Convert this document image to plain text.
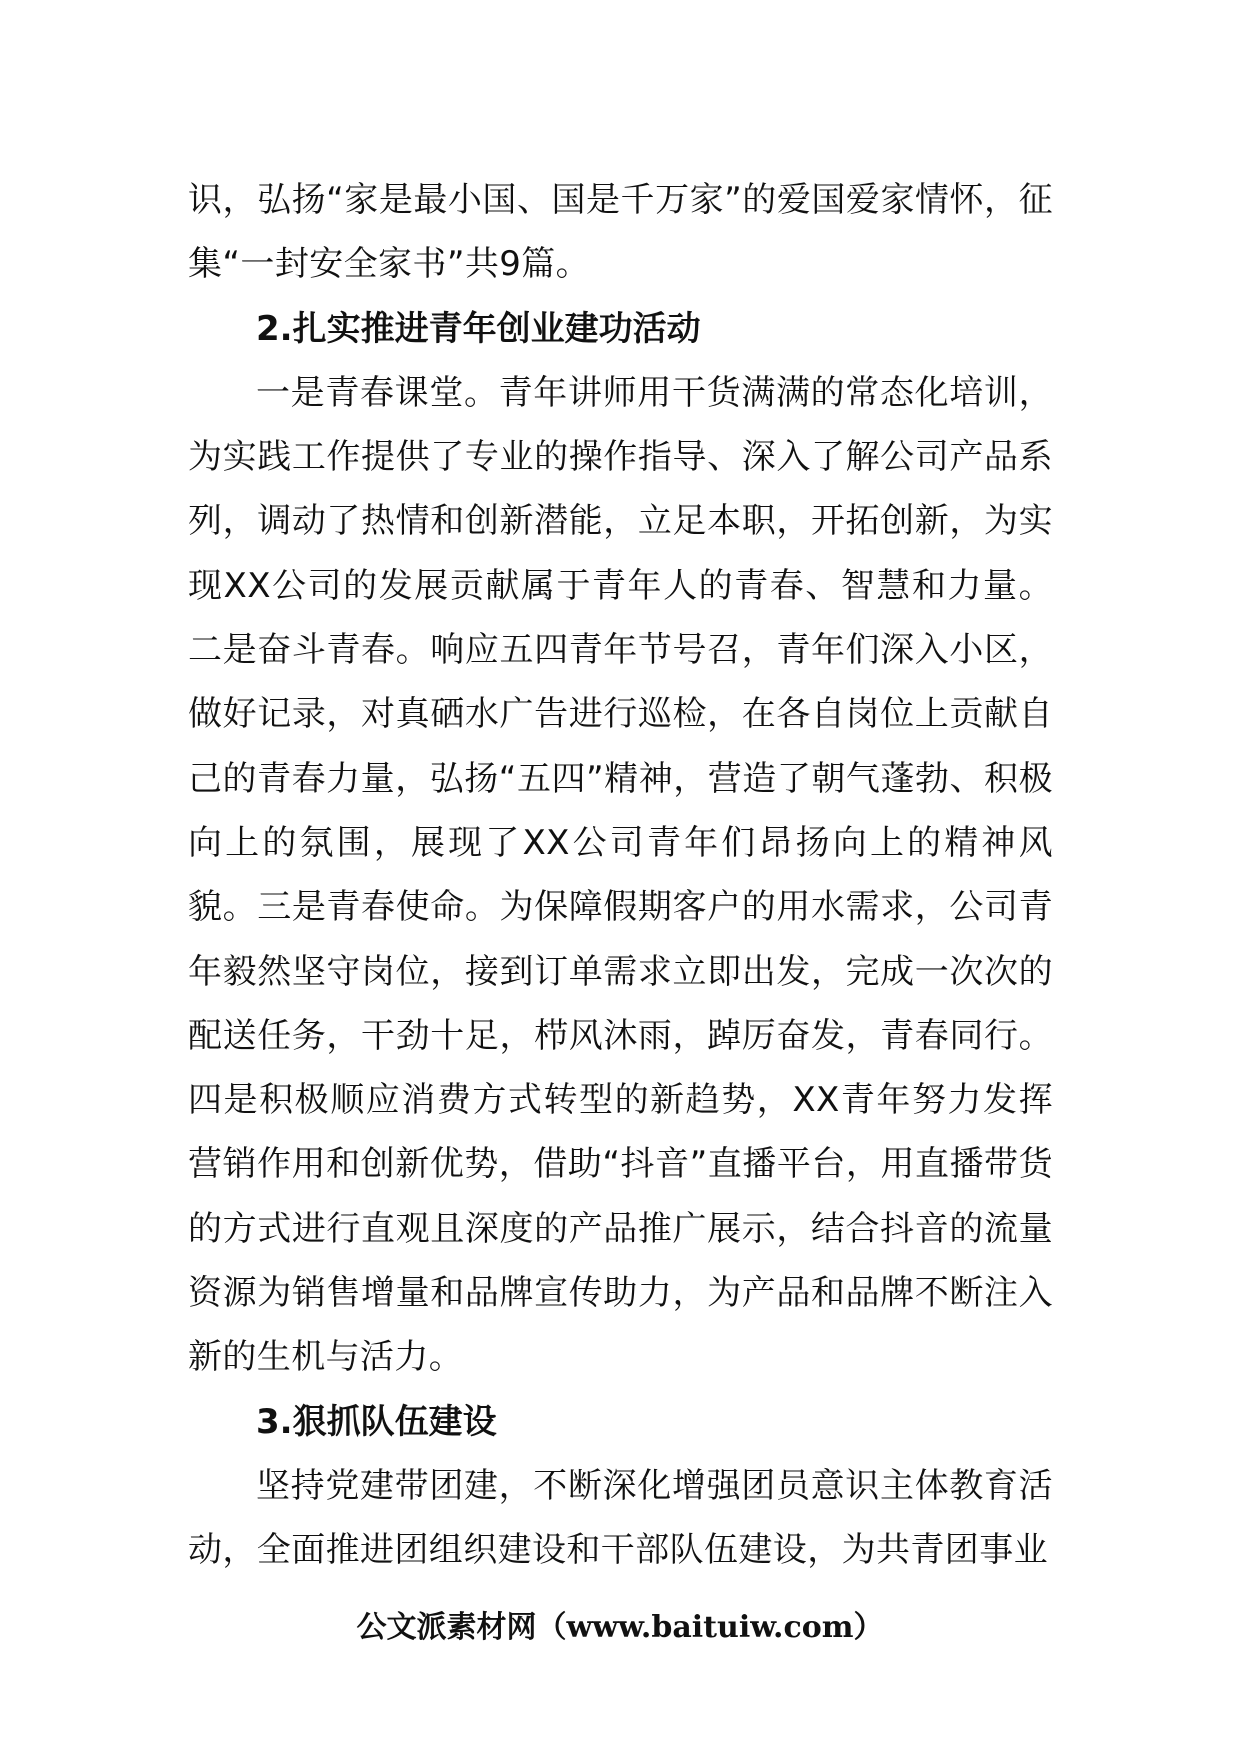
识，弘扬“家是最小国、国是千万家”的爱国爱家情怀，征集“一封安全家书”共9篇。

2.扎实推进青年创业建功活动

一是青春课堂。青年讲师用干货满满的常态化培训，为实践工作提供了专业的操作指导、深入了解公司产品系列，调动了热情和创新潜能，立足本职，开拓创新，为实现XX公司的发展贡献属于青年人的青春、智慧和力量。二是奋斗青春。响应五四青年节号召，青年们深入小区，做好记录，对真硒水广告进行巡检，在各自岗位上贡献自己的青春力量，弘扬“五四”精神，营造了朝气蓬勃、积极向上的氛围，展现了XX公司青年们昂扬向上的精神风貌。三是青春使命。为保障假期客户的用水需求，公司青年毅然坚守岗位，接到订单需求立即出发，完成一次次的配送任务，干劲十足，栉风沐雨，踔厉奋发，青春同行。四是积极顺应消费方式转型的新趋势，XX青年努力发挥营销作用和创新优势，借助“抖音”直播平台，用直播带货的方式进行直观且深度的产品推广展示，结合抖音的流量资源为销售增量和品牌宣传助力，为产品和品牌不断注入新的生机与活力。

3.狠抓队伍建设

坚持党建带团建，不断深化增强团员意识主体教育活动，全面推进团组织建设和干部队伍建设，为共青团事业

公文派素材网（www.baituiw.com）
